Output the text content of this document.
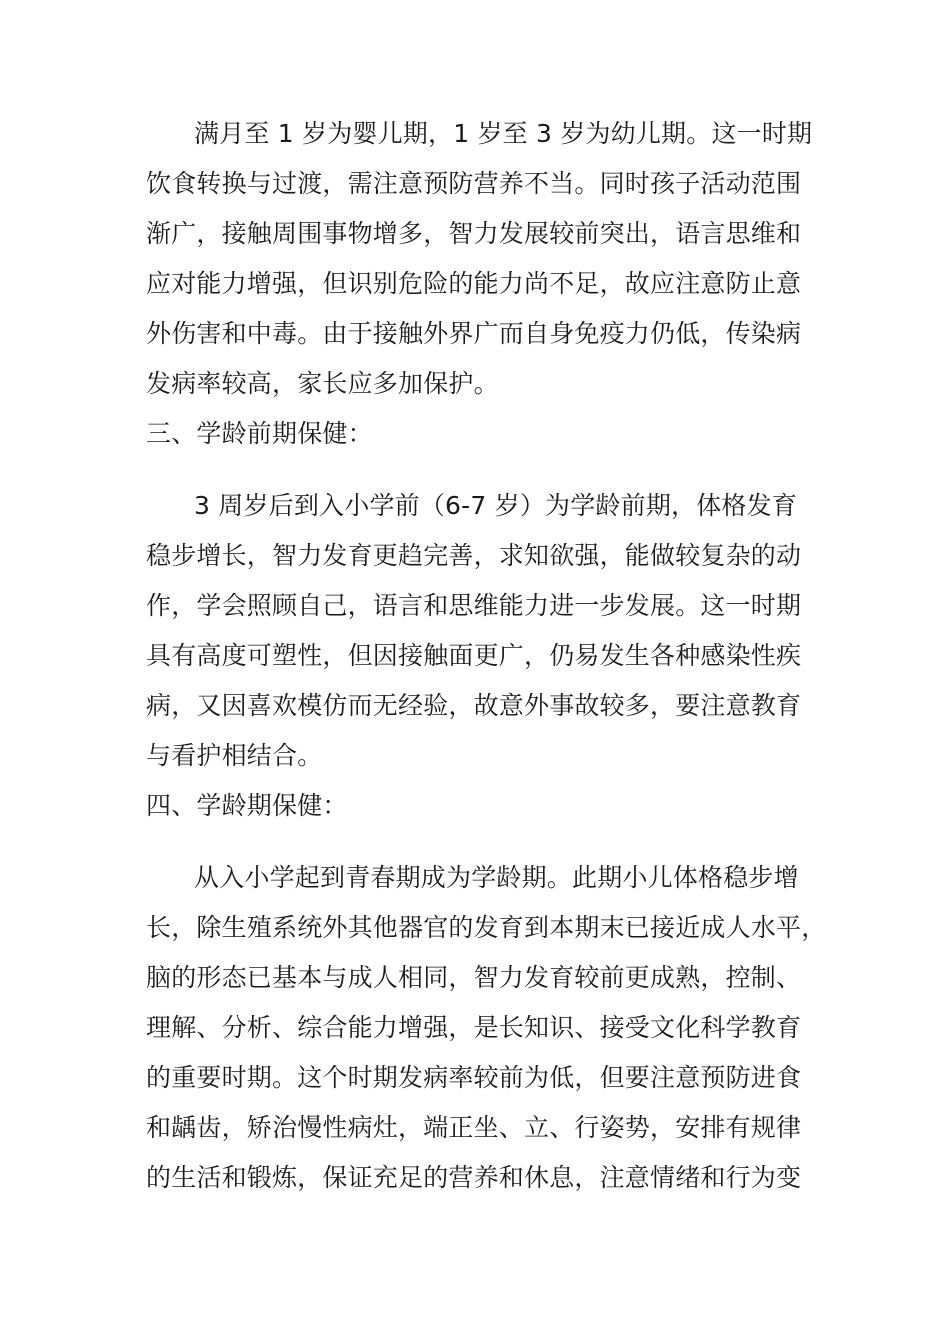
满月至 1 岁为婴儿期，1 岁至 3 岁为幼儿期。这一时期
饮食转换与过渡，需注意预防营养不当。同时孩子活动范围
渐广，接触周围事物增多，智力发展较前突出，语言思维和
应对能力增强，但识别危险的能力尚不足，故应注意防止意
外伤害和中毒。由于接触外界广而自身免疫力仍低，传染病
发病率较高，家长应多加保护。
三、学龄前期保健：
3 周岁后到入小学前（6-7 岁）为学龄前期，体格发育
稳步增长，智力发育更趋完善，求知欲强，能做较复杂的动
作，学会照顾自己，语言和思维能力进一步发展。这一时期
具有高度可塑性，但因接触面更广，仍易发生各种感染性疾
病，又因喜欢模仿而无经验，故意外事故较多，要注意教育
与看护相结合。
四、学龄期保健：
从入小学起到青春期成为学龄期。此期小儿体格稳步增
长，除生殖系统外其他器官的发育到本期末已接近成人水平，
脑的形态已基本与成人相同，智力发育较前更成熟，控制、
理解、分析、综合能力增强，是长知识、接受文化科学教育
的重要时期。这个时期发病率较前为低，但要注意预防进食
和龋齿，矫治慢性病灶，端正坐、立、行姿势，安排有规律
的生活和锻炼，保证充足的营养和休息，注意情绪和行为变
